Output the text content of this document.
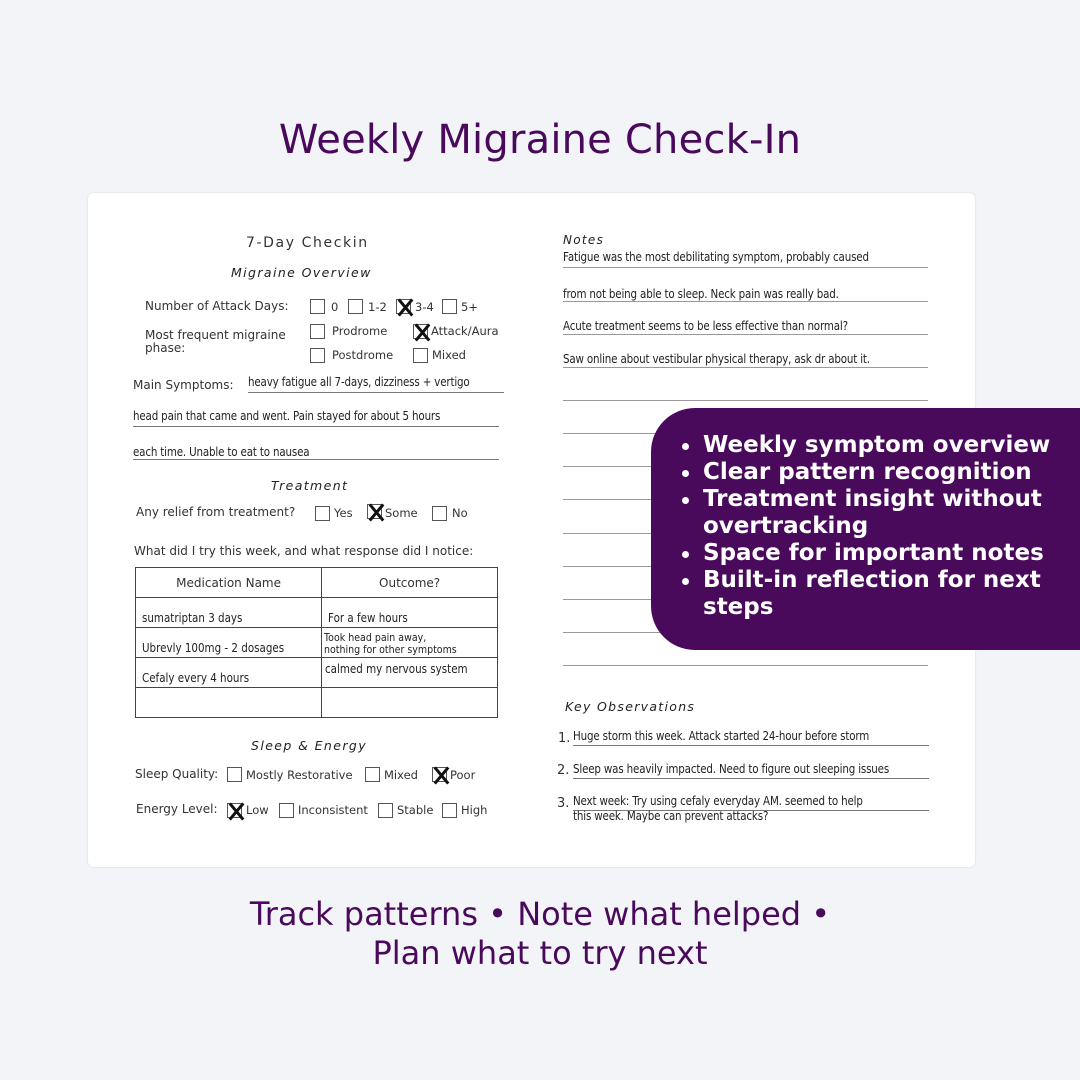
Weekly Migraine Check-In
7-Day Checkin
Migraine Overview
Number of Attack Days:	0	1-2 3-4 5+
Most frequent migraine
phase:
Prodrome	Attack/Aura
Postdrome	Mixed
Main Symptoms: heavy fatigue all 7-days, dizziness + vertigo
head pain that came and went. Pain stayed for about 5 hours
each time. Unable to eat to nausea
Treatment
Any relief from treatment?	Yes	Some	No
What did I try this week, and what response did I notice:
Medication Name	Outcome?
sumatriptan 3 days	For a few hours
Ubrevly 100mg - 2 dosages	Took head pain away,
nothing for other symptoms

Cefaly every 4 hours	calmed my nervous system

Sleep & Energy
Sleep Quality: Mostly Restorative	Mixed	Poor
Energy Level: Low	Inconsistent	Stable High
Notes
Fatigue was the most debilitating symptom, probably caused
from not being able to sleep. Neck pain was really bad.
Acute treatment seems to be less effective than normal?
Saw online about vestibular physical therapy, ask dr about it.
Key Observations
1. Huge storm this week. Attack started 24-hour before storm
2. Sleep was heavily impacted. Need to figure out sleeping issues
3. Next week: Try using cefaly everyday AM. seemed to help
this week. Maybe can prevent attacks?
Weekly symptom overview
Clear pattern recognition
Treatment insight without overtracking
Space for important notes
Built-in reflection for next steps
Track patterns • Note what helped •
Plan what to try next
